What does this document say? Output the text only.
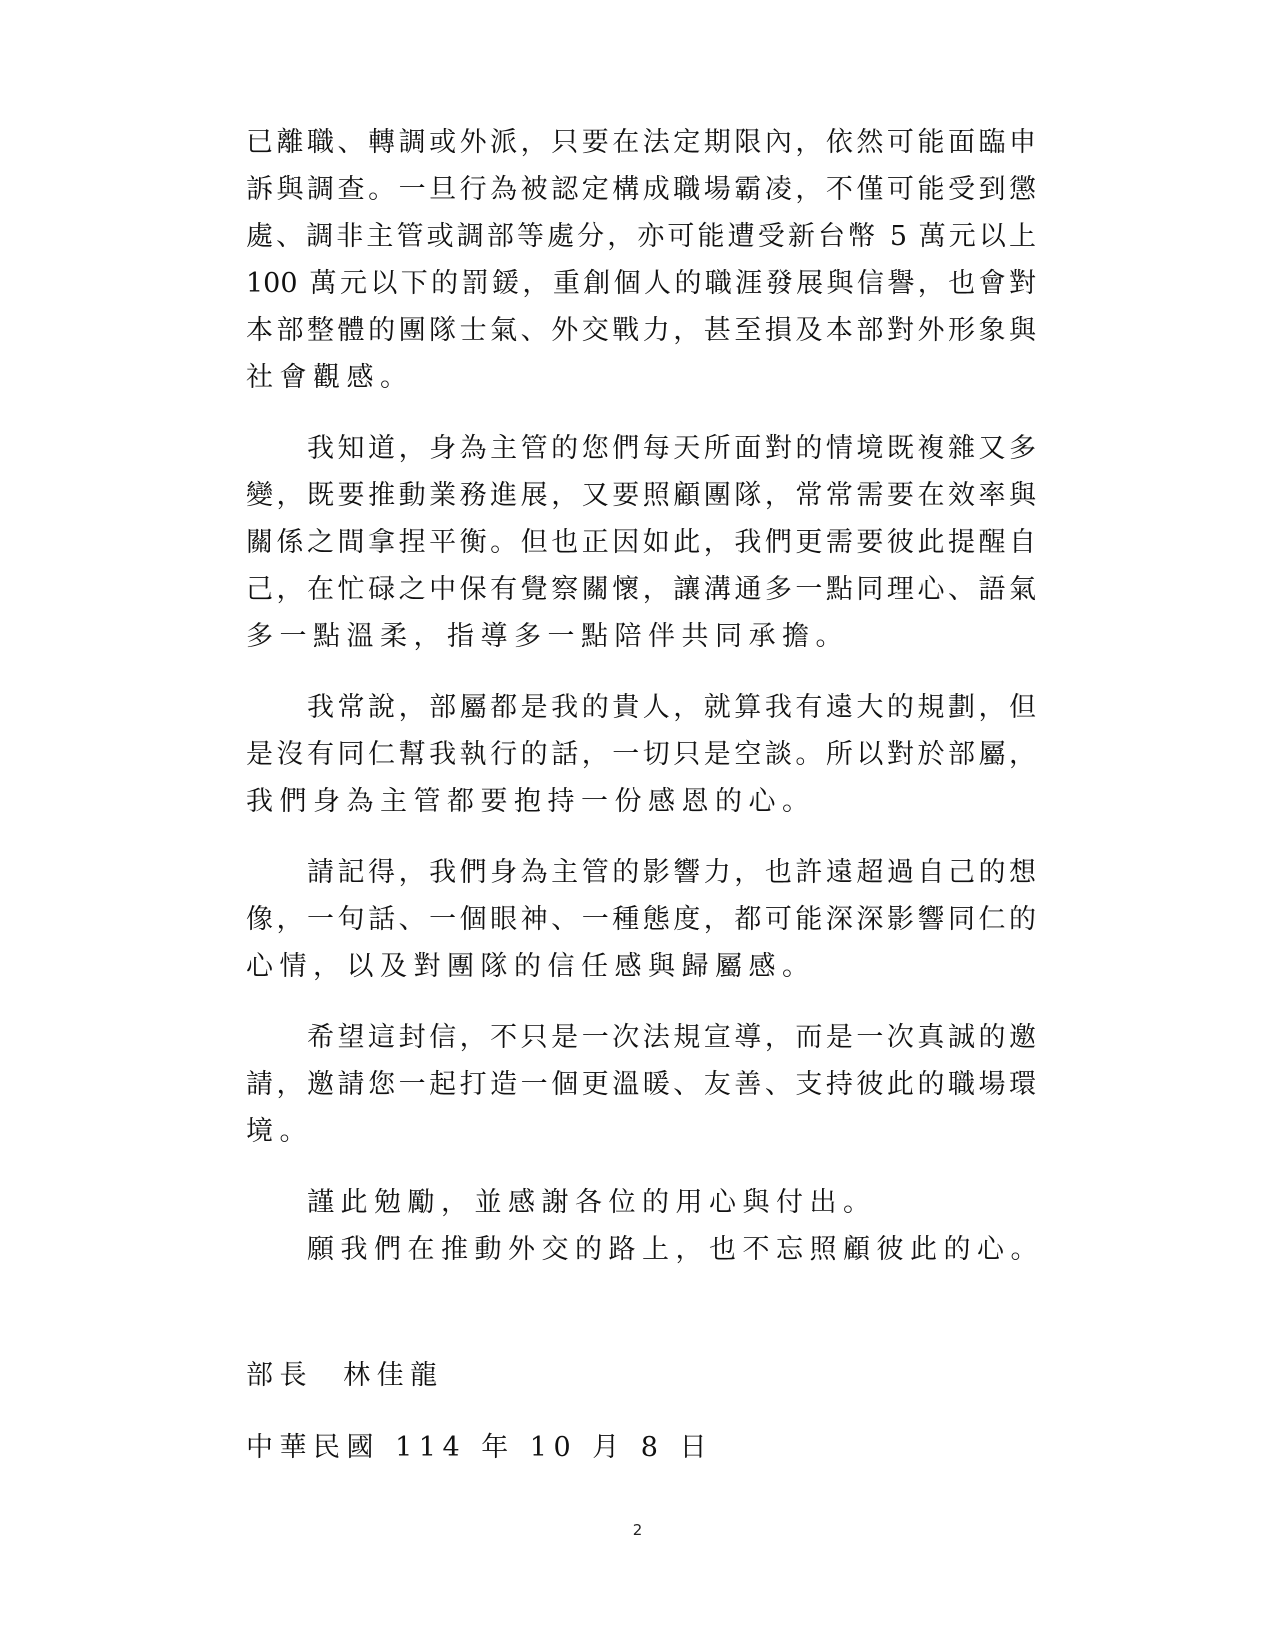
已離職、轉調或外派，只要在法定期限內，依然可能面臨申
訴與調查。一旦行為被認定構成職場霸凌，不僅可能受到懲
處、調非主管或調部等處分，亦可能遭受新台幣 5 萬元以上
100 萬元以下的罰鍰，重創個人的職涯發展與信譽，也會對
本部整體的團隊士氣、外交戰力，甚至損及本部對外形象與
社會觀感。
我知道，身為主管的您們每天所面對的情境既複雜又多
變，既要推動業務進展，又要照顧團隊，常常需要在效率與
關係之間拿捏平衡。但也正因如此，我們更需要彼此提醒自
己，在忙碌之中保有覺察關懷，讓溝通多一點同理心、語氣
多一點溫柔，指導多一點陪伴共同承擔。
我常說，部屬都是我的貴人，就算我有遠大的規劃，但
是沒有同仁幫我執行的話，一切只是空談。所以對於部屬，
我們身為主管都要抱持一份感恩的心。
請記得，我們身為主管的影響力，也許遠超過自己的想
像，一句話、一個眼神、一種態度，都可能深深影響同仁的
心情，以及對團隊的信任感與歸屬感。
希望這封信，不只是一次法規宣導，而是一次真誠的邀
請，邀請您一起打造一個更溫暖、友善、支持彼此的職場環
境。
謹此勉勵，並感謝各位的用心與付出。
願我們在推動外交的路上，也不忘照顧彼此的心。
部長  林佳龍
中華民國 114 年 10 月 8 日
2
